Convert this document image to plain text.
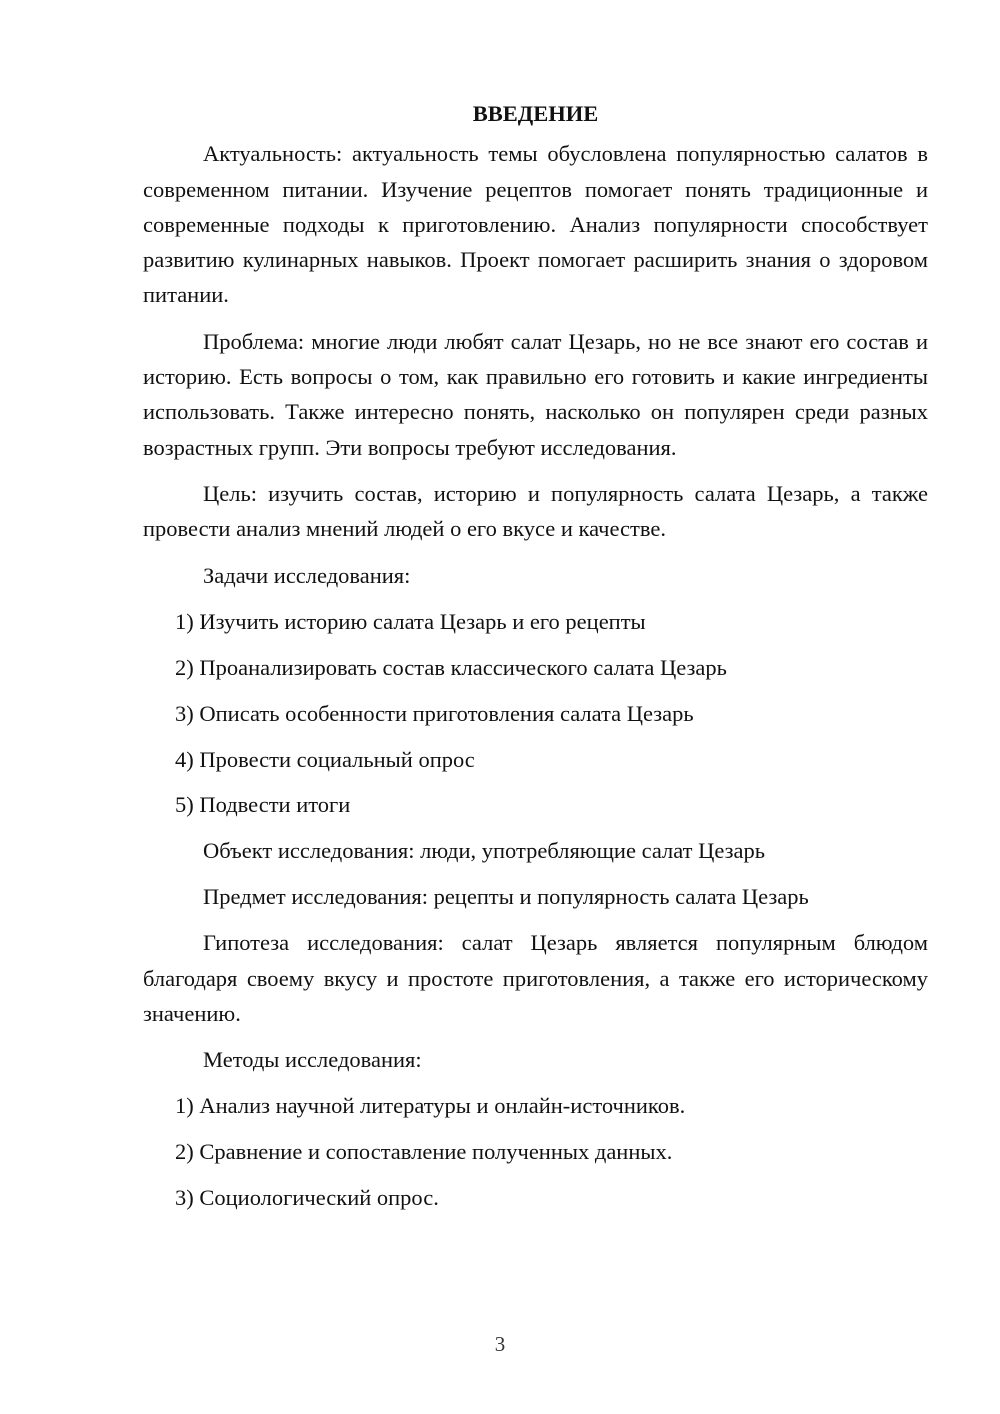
ВВЕДЕНИЕ

Актуальность: актуальность темы обусловлена популярностью салатов в современном питании. Изучение рецептов помогает понять традиционные и современные подходы к приготовлению. Анализ популярности способствует развитию кулинарных навыков. Проект помогает расширить знания о здоровом питании.

Проблема: многие люди любят салат Цезарь, но не все знают его состав и историю. Есть вопросы о том, как правильно его готовить и какие ингредиенты использовать. Также интересно понять, насколько он популярен среди разных возрастных групп. Эти вопросы требуют исследования.

Цель: изучить состав, историю и популярность салата Цезарь, а также провести анализ мнений людей о его вкусе и качестве.

Задачи исследования:
1) Изучить историю салата Цезарь и его рецепты
2) Проанализировать состав классического салата Цезарь
3) Описать особенности приготовления салата Цезарь
4) Провести социальный опрос
5) Подвести итоги
Объект исследования: люди, употребляющие салат Цезарь
Предмет исследования: рецепты и популярность салата Цезарь

Гипотеза исследования: салат Цезарь является популярным блюдом благодаря своему вкусу и простоте приготовления, а также его историческому значению.

Методы исследования:
1) Анализ научной литературы и онлайн-источников.
2) Сравнение и сопоставление полученных данных.
3) Социологический опрос.
3
